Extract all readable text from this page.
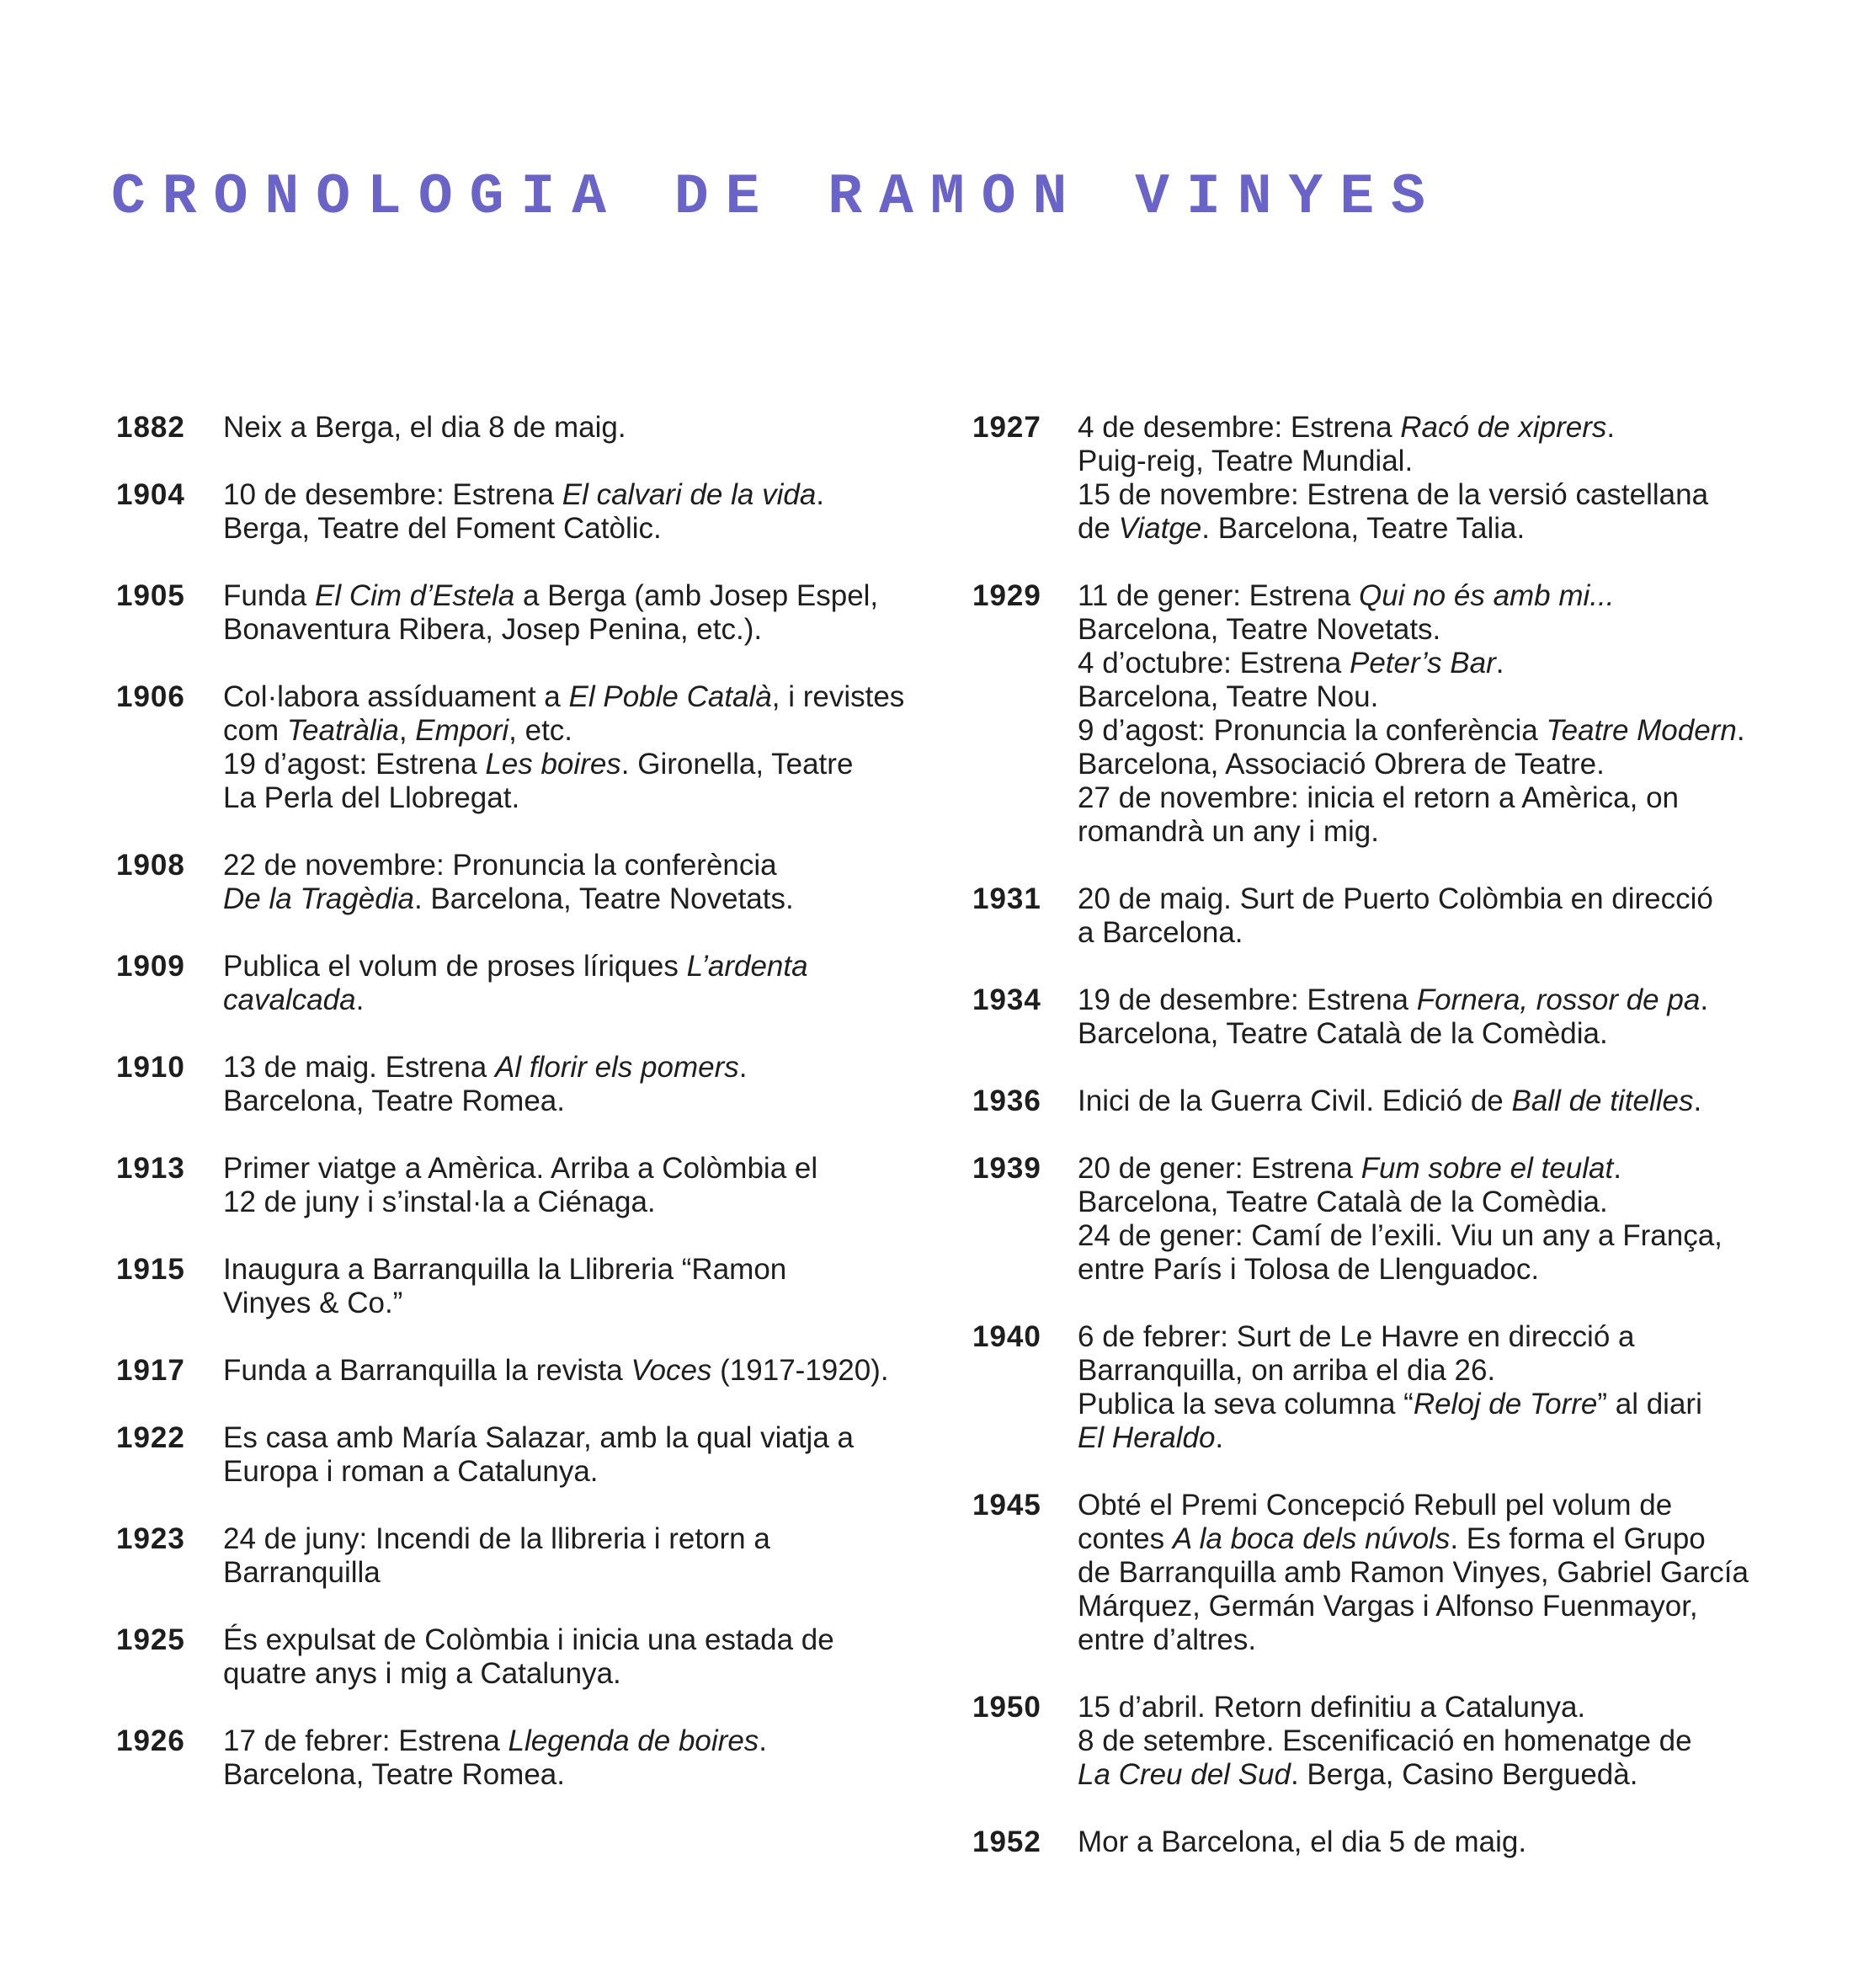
CRONOLOGIA DE RAMON VINYES
1882	Neix a Berga, el dia 8 de maig.
1904	10 de desembre: Estrena El calvari de la vida.
Berga, Teatre del Foment Catòlic.
1905	Funda El Cim d’Estela a Berga (amb Josep Espel,
Bonaventura Ribera, Josep Penina, etc.).
1906	Col·labora assíduament a El Poble Català, i revistes
com Teatràlia, Empori, etc.
19 d’agost: Estrena Les boires. Gironella, Teatre
La Perla del Llobregat.
1908	22 de novembre: Pronuncia la conferència
De la Tragèdia. Barcelona, Teatre Novetats.
1909	Publica el volum de proses líriques L’ardenta
cavalcada.
1910	13 de maig. Estrena Al florir els pomers.
Barcelona, Teatre Romea.
1913	Primer viatge a Amèrica. Arriba a Colòmbia el
12 de juny i s’instal·la a Ciénaga.
1915	Inaugura a Barranquilla la Llibreria “Ramon
Vinyes & Co.”
1917	Funda a Barranquilla la revista Voces (1917-1920).
1922	Es casa amb María Salazar, amb la qual viatja a
Europa i roman a Catalunya.
1923	24 de juny: Incendi de la llibreria i retorn a
Barranquilla
1925	És expulsat de Colòmbia i inicia una estada de
quatre anys i mig a Catalunya.
1926	17 de febrer: Estrena Llegenda de boires.
Barcelona, Teatre Romea.
1927	4 de desembre: Estrena Racó de xiprers.
Puig-reig, Teatre Mundial.
15 de novembre: Estrena de la versió castellana
de Viatge. Barcelona, Teatre Talia.
1929	11 de gener: Estrena Qui no és amb mi...
Barcelona, Teatre Novetats.
4 d’octubre: Estrena Peter’s Bar.
Barcelona, Teatre Nou.
9 d’agost: Pronuncia la conferència Teatre Modern.
Barcelona, Associació Obrera de Teatre.
27 de novembre: inicia el retorn a Amèrica, on
romandrà un any i mig.
1931	20 de maig. Surt de Puerto Colòmbia en direcció
a Barcelona.
1934	19 de desembre: Estrena Fornera, rossor de pa.
Barcelona, Teatre Català de la Comèdia.
1936	Inici de la Guerra Civil. Edició de Ball de titelles.
1939	20 de gener: Estrena Fum sobre el teulat.
Barcelona, Teatre Català de la Comèdia.
24 de gener: Camí de l’exili. Viu un any a França,
entre París i Tolosa de Llenguadoc.
1940	6 de febrer: Surt de Le Havre en direcció a
Barranquilla, on arriba el dia 26.
Publica la seva columna “Reloj de Torre” al diari
El Heraldo.
1945	Obté el Premi Concepció Rebull pel volum de
contes A la boca dels núvols. Es forma el Grupo
de Barranquilla amb Ramon Vinyes, Gabriel García
Márquez, Germán Vargas i Alfonso Fuenmayor,
entre d’altres.
1950	15 d’abril. Retorn definitiu a Catalunya.
8 de setembre. Escenificació en homenatge de
La Creu del Sud. Berga, Casino Berguedà.
1952	Mor a Barcelona, el dia 5 de maig.
